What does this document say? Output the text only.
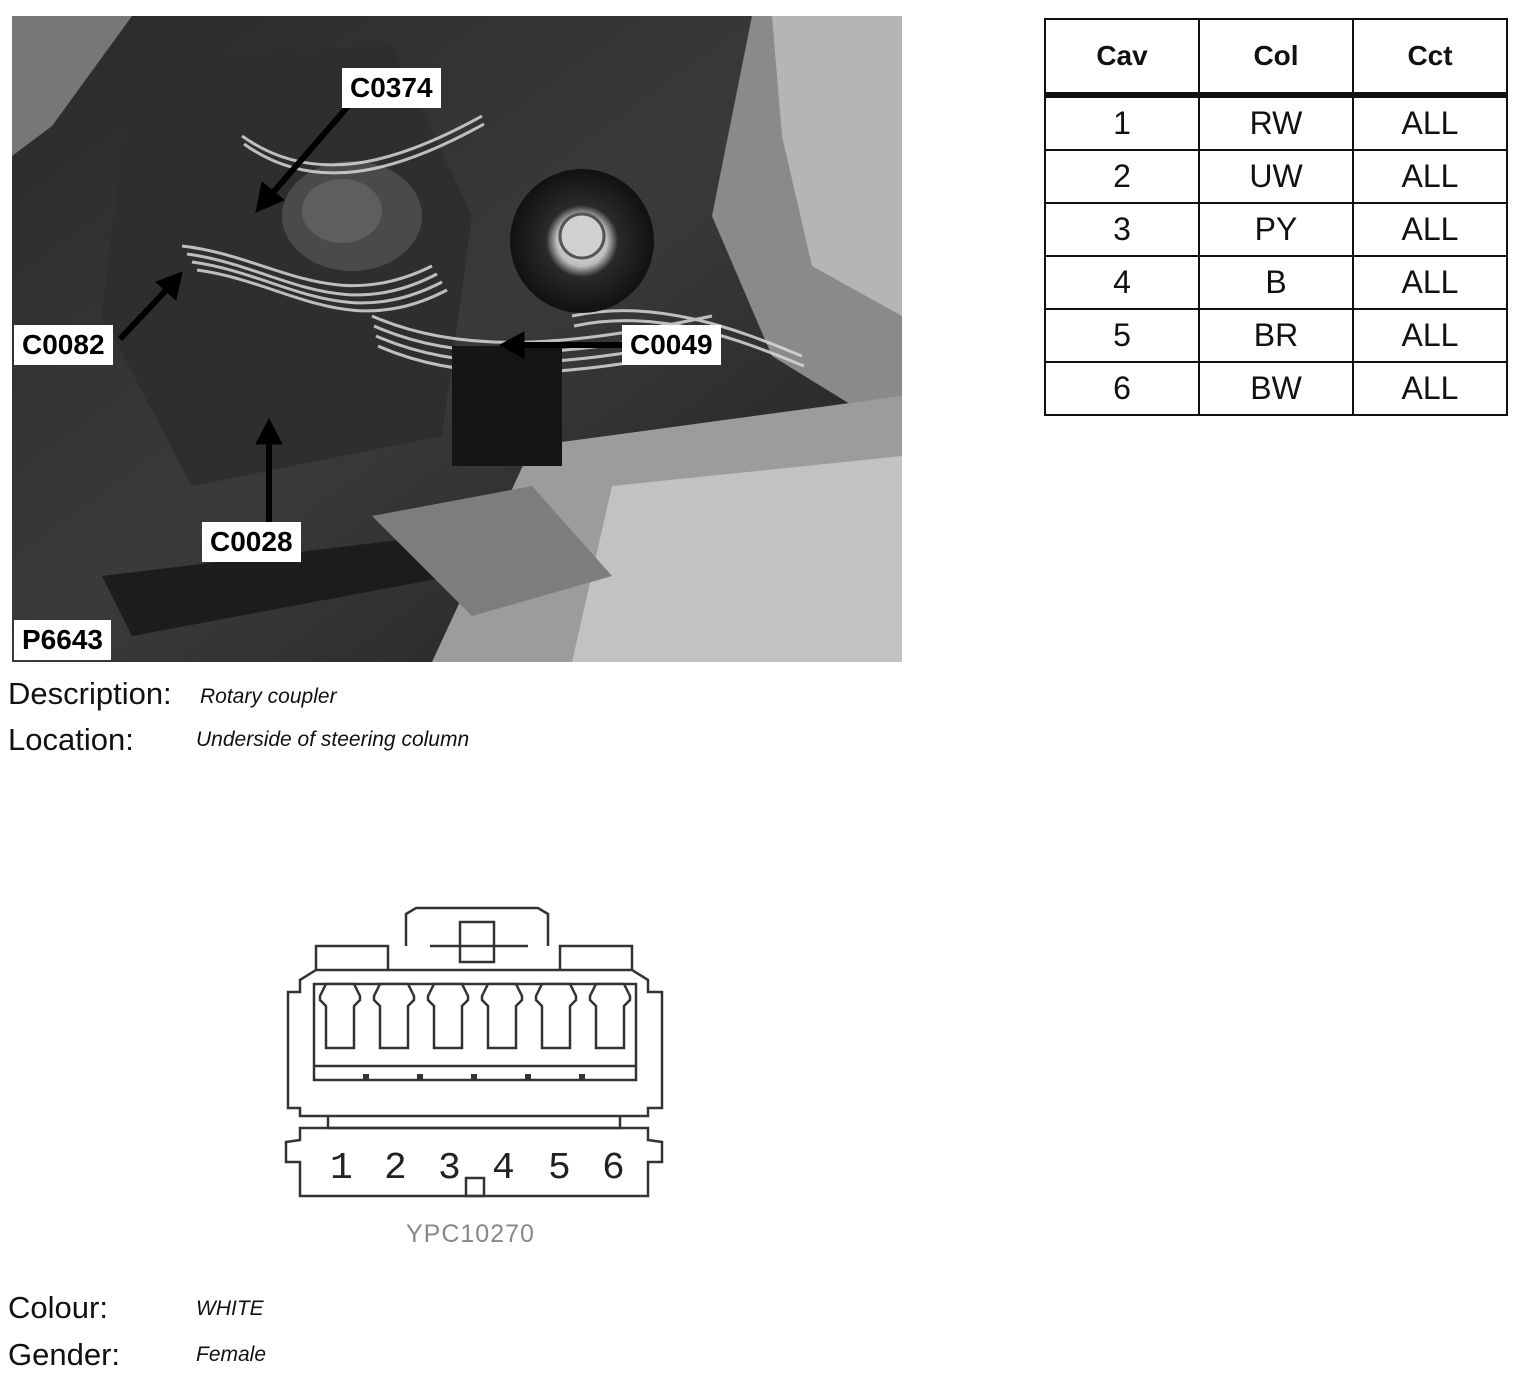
C0374
C0082	C0049
C0028
P6643
Cav	Col	Cct
1	RW	ALL
2	UW	ALL
3	PY	ALL
4	B	ALL
5	BR	ALL
6	BW	ALL
Description: Rotary coupler
Location:	Underside of steering column
1 2 3 4 5 6
YPC10270
Colour:	WHITE
Gender:	Female
